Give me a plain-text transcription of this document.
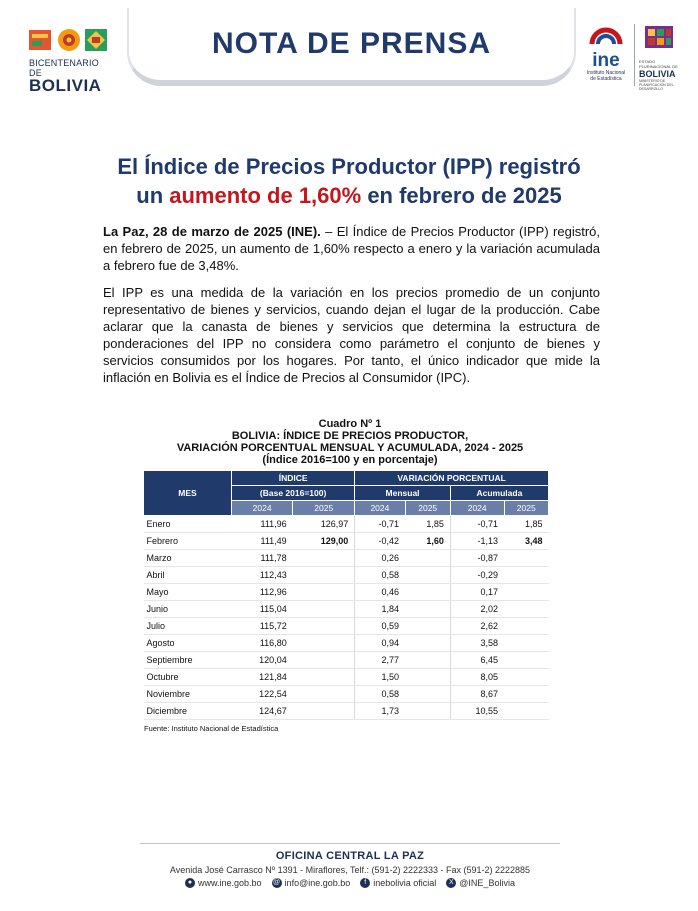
BICENTENARIO DE
BOLIVIA
NOTA DE PRENSA
ine
Instituto Nacional
de Estadística
ESTADO PLURINACIONAL DE
BOLIVIA
MINISTERIO DE PLANIFICACIÓN DEL DESARROLLO
El Índice de Precios Productor (IPP) registró
un aumento de 1,60% en febrero de 2025
La Paz, 28 de marzo de 2025 (INE). – El Índice de Precios Productor (IPP) registró, en febrero de 2025, un aumento de 1,60% respecto a enero y la variación acumulada a febrero fue de 3,48%.
El IPP es una medida de la variación en los precios promedio de un conjunto representativo de bienes y servicios, cuando dejan el lugar de la producción. Cabe aclarar que la canasta de bienes y servicios que determina la estructura de ponderaciones del IPP no considera como parámetro el conjunto de bienes y servicios consumidos por los hogares. Por tanto, el único indicador que mide la inflación en Bolivia es el Índice de Precios al Consumidor (IPC).
Cuadro Nº 1
BOLIVIA: ÍNDICE DE PRECIOS PRODUCTOR,
VARIACIÓN PORCENTUAL MENSUAL Y ACUMULADA, 2024 - 2025
(Índice 2016=100 y en porcentaje)
MES	ÍNDICE		VARIACIÓN PORCENTUAL			
	(Base 2016=100)		Mensual		Acumulada	
	2024	2025	2024	2025	2024	2025
Enero	111,96	126,97	-0,71	1,85	-0,71	1,85
Febrero	111,49	129,00	-0,42	1,60	-1,13	3,48
Marzo	111,78		0,26		-0,87	
Abril	112,43		0,58		-0,29	
Mayo	112,96		0,46		0,17	
Junio	115,04		1,84		2,02	
Julio	115,72		0,59		2,62	
Agosto	116,80		0,94		3,58	
Septiembre	120,04		2,77		6,45	
Octubre	121,84		1,50		8,05	
Noviembre	122,54		0,58		8,67	
Diciembre	124,67		1,73		10,55	
Fuente: Instituto Nacional de Estadística
OFICINA CENTRAL LA PAZ
Avenida José Carrasco Nº 1391 - Miraflores, Telf.: (591-2) 2222333 - Fax (591-2) 2222885
● www.ine.gob.bo @ info@ine.gob.bo	f inebolivia oficial	X @INE_Bolivia
